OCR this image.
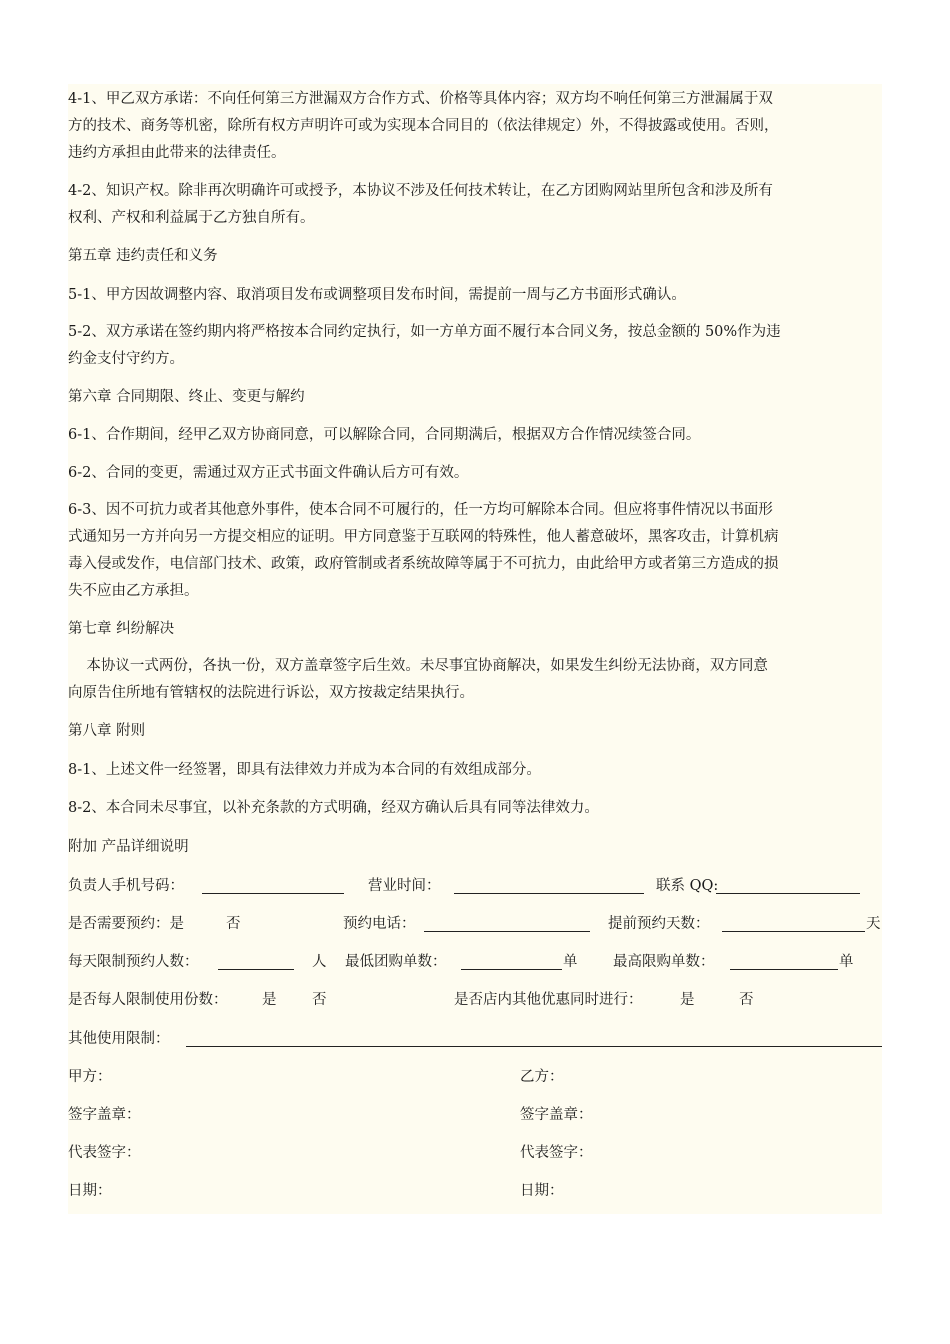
4-1、甲乙双方承诺：不向任何第三方泄漏双方合作方式、价格等具体内容；双方均不响任何第三方泄漏属于双
方的技术、商务等机密，除所有权方声明许可或为实现本合同目的（依法律规定）外，不得披露或使用。否则，
违约方承担由此带来的法律责任。
4-2、知识产权。除非再次明确许可或授予，本协议不涉及任何技术转让，在乙方团购网站里所包含和涉及所有
权利、产权和利益属于乙方独自所有。
第五章 违约责任和义务
5-1、甲方因故调整内容、取消项目发布或调整项目发布时间，需提前一周与乙方书面形式确认。
5-2、双方承诺在签约期内将严格按本合同约定执行，如一方单方面不履行本合同义务，按总金额的 50%作为违
约金支付守约方。
第六章 合同期限、终止、变更与解约
6-1、合作期间，经甲乙双方协商同意，可以解除合同，合同期满后，根据双方合作情况续签合同。
6-2、合同的变更，需通过双方正式书面文件确认后方可有效。
6-3、因不可抗力或者其他意外事件，使本合同不可履行的，任一方均可解除本合同。但应将事件情况以书面形
式通知另一方并向另一方提交相应的证明。甲方同意鉴于互联网的特殊性，他人蓄意破坏，黑客攻击，计算机病
毒入侵或发作，电信部门技术、政策，政府管制或者系统故障等属于不可抗力，由此给甲方或者第三方造成的损
失不应由乙方承担。
第七章 纠纷解决
本协议一式两份，各执一份，双方盖章签字后生效。未尽事宜协商解决，如果发生纠纷无法协商，双方同意
向原告住所地有管辖权的法院进行诉讼，双方按裁定结果执行。
第八章 附则
8-1、上述文件一经签署，即具有法律效力并成为本合同的有效组成部分。
8-2、本合同未尽事宜，以补充条款的方式明确，经双方确认后具有同等法律效力。
附加 产品详细说明
负责人手机号码：	营业时间：	联系 QQ:
是否需要预约：是	否	预约电话：	提前预约天数：	天
每天限制预约人数：	人 最低团购单数：	单 最高限购单数：	单
是否每人限制使用份数： 是 否	是否店内其他优惠同时进行：	是	否
其他使用限制：
甲方：	乙方：
签字盖章：	签字盖章：
代表签字：	代表签字：
日期：	日期：
